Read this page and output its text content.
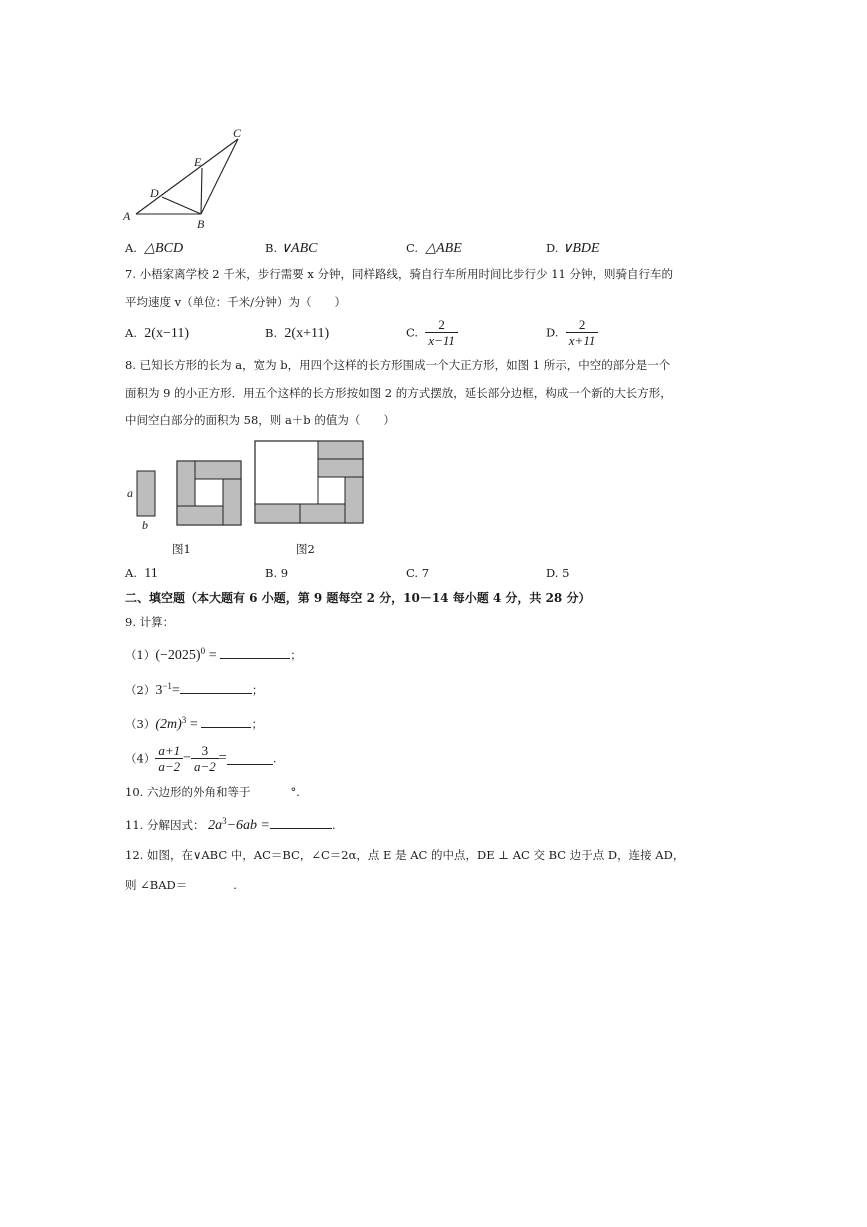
A
B
C
D
E
A. △BCD	B. ∨ABC	C. △ABE	D. ∨BDE
7. 小梧家离学校 2 千米，步行需要 x 分钟，同样路线，骑自行车所用时间比步行少 11 分钟，则骑自行车的
平均速度 v（单位：千米/分钟）为（　　）
A. 2(x−11)	B. 2(x+11)	C. $\frac{2}{x-11}$	D. $\frac{2}{x+11}$
8. 已知长方形的长为 a，宽为 b，用四个这样的长方形围成一个大正方形，如图 1 所示，中空的部分是一个
面积为 9 的小正方形．用五个这样的长方形按如图 2 的方式摆放，延长部分边框，构成一个新的大长方形，
中间空白部分的面积为 58，则 a＋b 的值为（　　）
a
b
图1	图2
A. 11	B. 9	C. 7	D. 5
二、填空题（本大题有 6 小题，第 9 题每空 2 分，10－14 每小题 4 分，共 28 分）
9. 计算：
$(1)(-2025)^0$ =	；
$(2)3^{-1}=$	；
$(3)(2m)^3$ =	；
$(4) \frac{a+1}{a-2} - \frac{3}{a-2}$ =	.
10. 六边形的外角和等于	°.
11. 分解因式： $2a^3-6ab$ =	.
12. 如图，在∨ABC 中，AC＝BC，∠C＝2α，点 E 是 AC 的中点，DE ⊥ AC 交 BC 边于点 D，连接 AD，
则 ∠BAD＝	.
